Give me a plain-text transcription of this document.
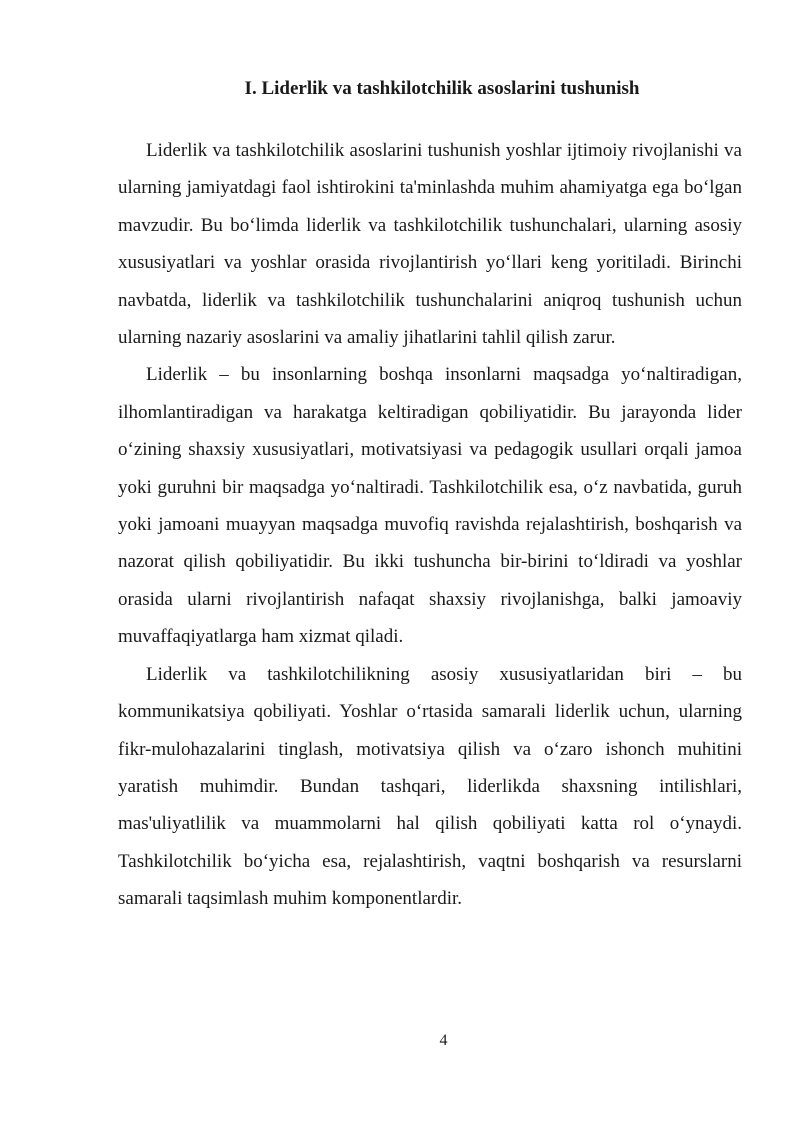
I. Liderlik va tashkilotchilik asoslarini tushunish

Liderlik va tashkilotchilik asoslarini tushunish yoshlar ijtimoiy rivojlanishi va ularning jamiyatdagi faol ishtirokini ta'minlashda muhim ahamiyatga ega bo‘lgan mavzudir. Bu bo‘limda liderlik va tashkilotchilik tushunchalari, ularning asosiy xususiyatlari va yoshlar orasida rivojlantirish yo‘llari keng yoritiladi. Birinchi navbatda, liderlik va tashkilotchilik tushunchalarini aniqroq tushunish uchun ularning nazariy asoslarini va amaliy jihatlarini tahlil qilish zarur.

Liderlik – bu insonlarning boshqa insonlarni maqsadga yo‘naltiradigan, ilhomlantiradigan va harakatga keltiradigan qobiliyatidir. Bu jarayonda lider o‘zining shaxsiy xususiyatlari, motivatsiyasi va pedagogik usullari orqali jamoa yoki guruhni bir maqsadga yo‘naltiradi. Tashkilotchilik esa, o‘z navbatida, guruh yoki jamoani muayyan maqsadga muvofiq ravishda rejalashtirish, boshqarish va nazorat qilish qobiliyatidir. Bu ikki tushuncha bir-birini to‘ldiradi va yoshlar orasida ularni rivojlantirish nafaqat shaxsiy rivojlanishga, balki jamoaviy muvaffaqiyatlarga ham xizmat qiladi.

Liderlik va tashkilotchilikning asosiy xususiyatlaridan biri – bu kommunikatsiya qobiliyati. Yoshlar o‘rtasida samarali liderlik uchun, ularning fikr-mulohazalarini tinglash, motivatsiya qilish va o‘zaro ishonch muhitini yaratish muhimdir. Bundan tashqari, liderlikda shaxsning intilishlari, mas'uliyatlilik va muammolarni hal qilish qobiliyati katta rol o‘ynaydi. Tashkilotchilik bo‘yicha esa, rejalashtirish, vaqtni boshqarish va resurslarni samarali taqsimlash muhim komponentlardir.

4
